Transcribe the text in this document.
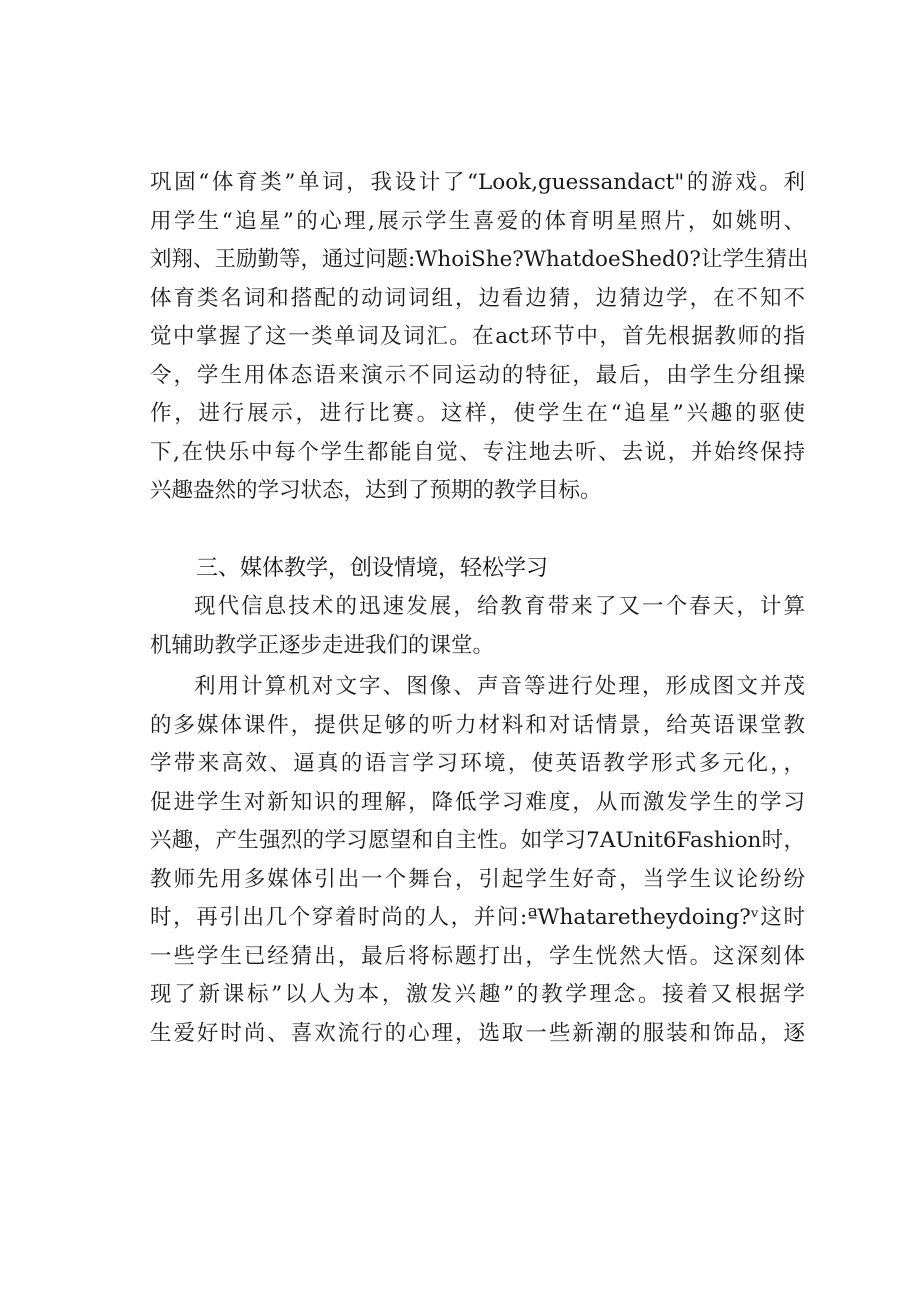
巩固“体育类”单词，我设计了“Look,guessandact"的游戏。利
用学生“追星”的心理,展示学生喜爱的体育明星照片，如姚明、
刘翔、王励勤等，通过问题:WhoiShe?WhatdoeShed0?让学生猜出
体育类名词和搭配的动词词组，边看边猜，边猜边学，在不知不
觉中掌握了这一类单词及词汇。在act环节中，首先根据教师的指
令，学生用体态语来演示不同运动的特征，最后，由学生分组操
作，进行展示，进行比赛。这样，使学生在“追星”兴趣的驱使
下,在快乐中每个学生都能自觉、专注地去听、去说，并始终保持
兴趣盎然的学习状态，达到了预期的教学目标。
三、媒体教学，创设情境，轻松学习
现代信息技术的迅速发展，给教育带来了又一个春天，计算
机辅助教学正逐步走进我们的课堂。
利用计算机对文字、图像、声音等进行处理，形成图文并茂
的多媒体课件，提供足够的听力材料和对话情景，给英语课堂教
学带来高效、逼真的语言学习环境，使英语教学形式多元化，，
促进学生对新知识的理解，降低学习难度，从而激发学生的学习
兴趣，产生强烈的学习愿望和自主性。如学习7AUnit6Fashion时，
教师先用多媒体引出一个舞台，引起学生好奇，当学生议论纷纷
时，再引出几个穿着时尚的人，并问:ªWhataretheydoing?ᵛ这时
一些学生已经猜出，最后将标题打出，学生恍然大悟。这深刻体
现了新课标”以人为本，激发兴趣”的教学理念。接着又根据学
生爱好时尚、喜欢流行的心理，选取一些新潮的服装和饰品，逐
